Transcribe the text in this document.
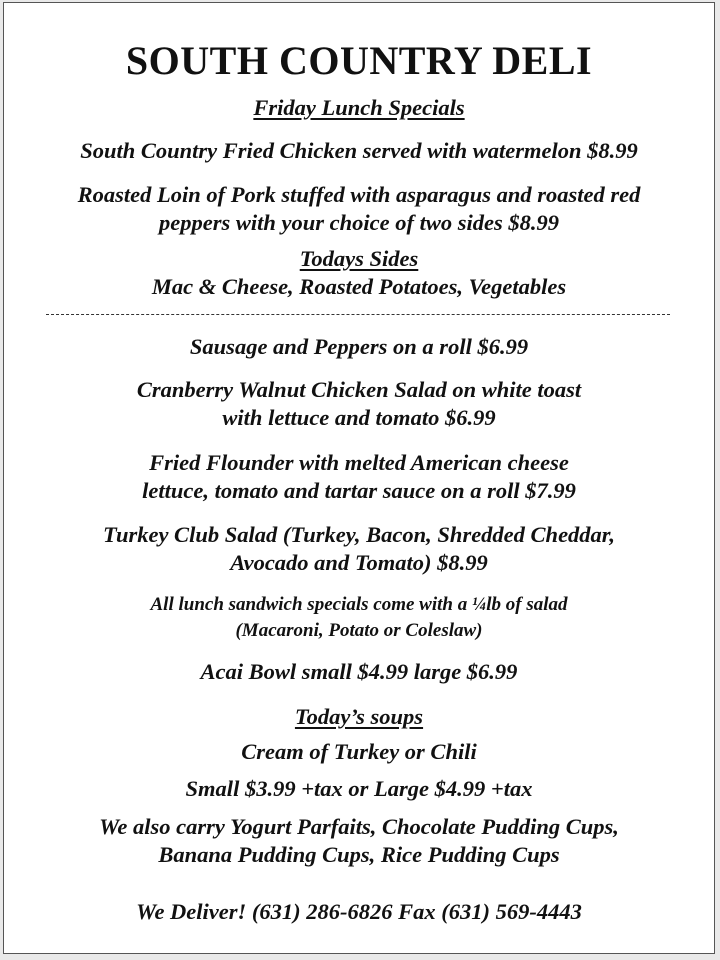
SOUTH COUNTRY DELI

Friday Lunch Specials

South Country Fried Chicken served with watermelon $8.99

Roasted Loin of Pork stuffed with asparagus and roasted red

peppers with your choice of two sides $8.99

Todays Sides

Mac & Cheese, Roasted Potatoes, Vegetables

Sausage and Peppers on a roll $6.99

Cranberry Walnut Chicken Salad on white toast

with lettuce and tomato $6.99

Fried Flounder with melted American cheese

lettuce, tomato and tartar sauce on a roll $7.99

Turkey Club Salad (Turkey, Bacon, Shredded Cheddar,

Avocado and Tomato) $8.99

All lunch sandwich specials come with a ¼lb of salad

(Macaroni, Potato or Coleslaw)

Acai Bowl small $4.99 large $6.99

Today’s soups

Cream of Turkey or Chili

Small $3.99 +tax or Large $4.99 +tax

We also carry Yogurt Parfaits, Chocolate Pudding Cups,

Banana Pudding Cups, Rice Pudding Cups

We Deliver! (631) 286-6826 Fax (631) 569-4443
